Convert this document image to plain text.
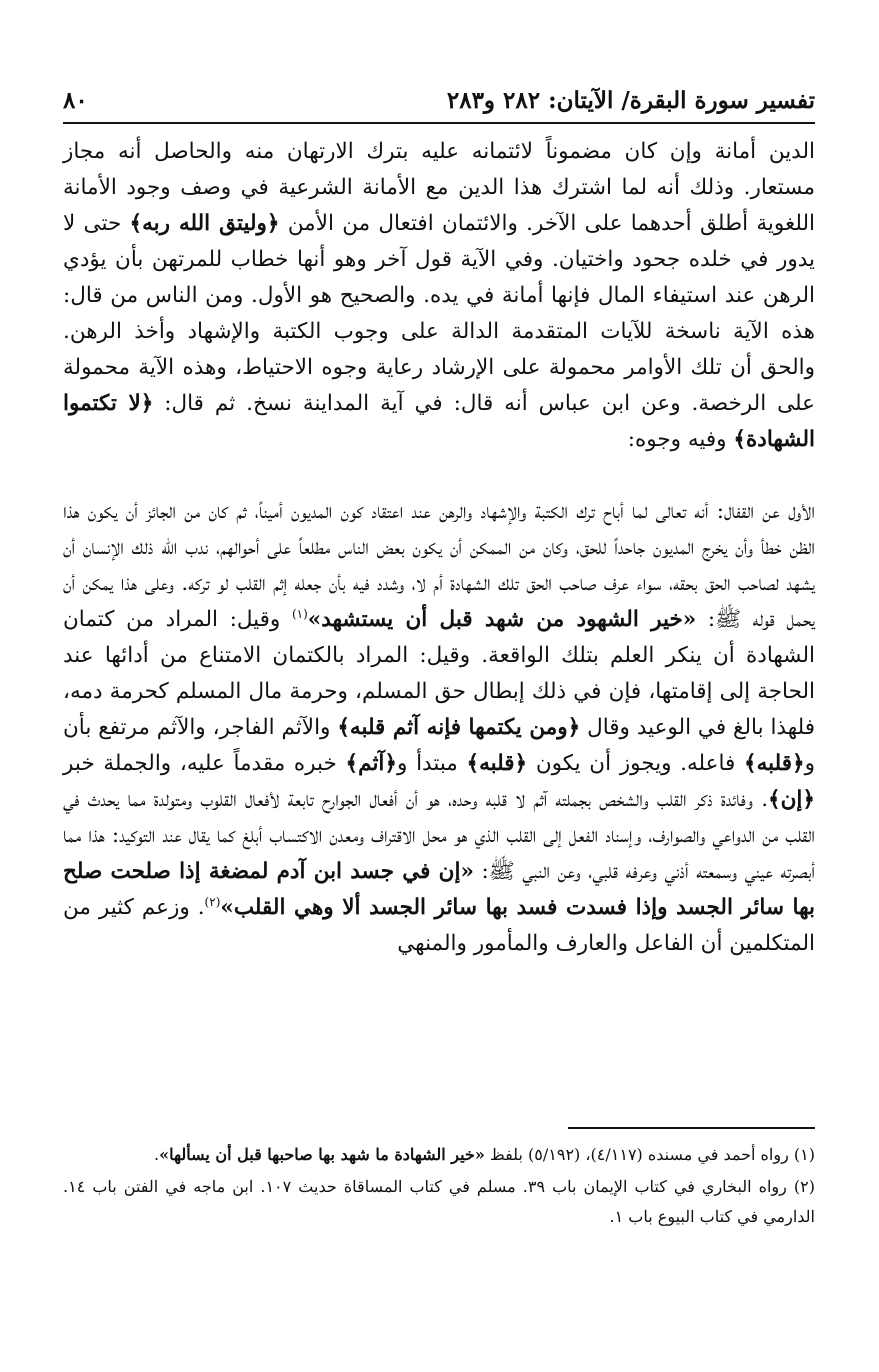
تفسير سورة البقرة/ الآيتان: ٢٨٢ و٢٨٣
٨٠

الدين أمانة وإن كان مضموناً لائتمانه عليه بترك الارتهان منه والحاصل أنه مجاز مستعار. وذلك أنه لما اشترك هذا الدين مع الأمانة الشرعية في وصف وجود الأمانة اللغوية أطلق أحدهما على الآخر. والائتمان افتعال من الأمن ﴿وليتق الله ربه﴾ حتى لا يدور في خلده جحود واختيان. وفي الآية قول آخر وهو أنها خطاب للمرتهن بأن يؤدي الرهن عند استيفاء المال فإنها أمانة في يده. والصحيح هو الأول. ومن الناس من قال: هذه الآية ناسخة للآيات المتقدمة الدالة على وجوب الكتبة والإشهاد وأخذ الرهن. والحق أن تلك الأوامر محمولة على الإرشاد رعاية وجوه الاحتياط، وهذه الآية محمولة على الرخصة. وعن ابن عباس أنه قال: في آية المداينة نسخ. ثم قال: ﴿لا تكتموا الشهادة﴾ وفيه وجوه:

الأول عن القفال: أنه تعالى لما أباح ترك الكتبة والإشهاد والرهن عند اعتقاد كون المديون أميناً، ثم كان من الجائز أن يكون هذا الظن خطأ وأن يخرج المديون جاحداً للحق، وكان من الممكن أن يكون بعض الناس مطلعاً على أحوالهم، ندب الله ذلك الإنسان أن يشهد لصاحب الحق بحقه، سواء عرف صاحب الحق تلك الشهادة أم لا، وشدد فيه بأن جعله إثم القلب لو تركه. وعلى هذا يمكن أن يحمل قوله ﷺ: «خير الشهود من شهد قبل أن يستشهد»$^{(١)}$ وقيل: المراد من كتمان الشهادة أن ينكر العلم بتلك الواقعة. وقيل: المراد بالكتمان الامتناع من أدائها عند الحاجة إلى إقامتها، فإن في ذلك إبطال حق المسلم، وحرمة مال المسلم كحرمة دمه، فلهذا بالغ في الوعيد وقال ﴿ومن يكتمها فإنه آثم قلبه﴾ والآثم الفاجر، والآثم مرتفع بأن و﴿قلبه﴾ فاعله. ويجوز أن يكون ﴿قلبه﴾ مبتدأ و﴿آثم﴾ خبره مقدماً عليه، والجملة خبر ﴿إن﴾. وفائدة ذكر القلب والشخص بجملته آثم لا قلبه وحده، هو أن أفعال الجوارح تابعة لأفعال القلوب ومتولدة مما يحدث في القلب من الدواعي والصوارف، وإسناد الفعل إلى القلب الذي هو محل الاقتراف ومعدن الاكتساب أبلغ كما يقال عند التوكيد: هذا مما أبصرته عيني وسمعته أذني وعرفه قلبي، وعن النبي ﷺ: «إن في جسد ابن آدم لمضغة إذا صلحت صلح بها سائر الجسد وإذا فسدت فسد بها سائر الجسد ألا وهي القلب»$^{(٢)}$. وزعم كثير من المتكلمين أن الفاعل والعارف والمأمور والمنهي

(١) رواه أحمد في مسنده (٤/١١٧)، (٥/١٩٢) بلفظ «خير الشهادة ما شهد بها صاحبها قبل أن يسألها».
(٢) رواه البخاري في كتاب الإيمان باب ٣٩. مسلم في كتاب المساقاة حديث ١٠٧. ابن ماجه في الفتن باب ١٤. الدارمي في كتاب البيوع باب ١.
